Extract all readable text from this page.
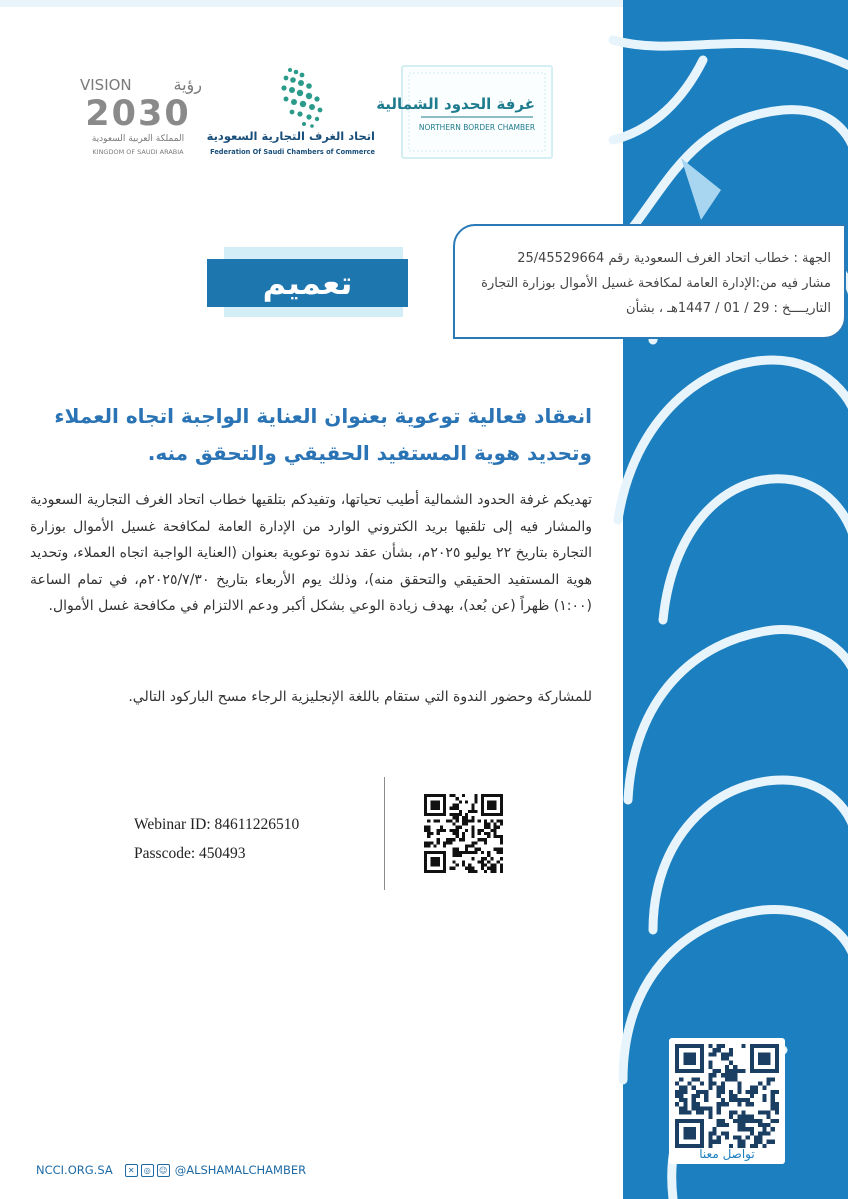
غرفة الحدود الشمالية
NORTHERN BORDER CHAMBER
اتحاد الغرف التجارية السعودية
Federation Of Saudi Chambers of Commerce
VISION	رؤية
2030
المملكة العربية السعودية
KINGDOM OF SAUDI ARABIA
الجهة : خطاب اتحاد الغرف السعودية رقم 25/45529664
مشار فيه من:الإدارة العامة لمكافحة غسيل الأموال بوزارة التجارة
التاريــــخ : 29 / 01 / 1447هـ ، بشأن
تعميم
انعقاد فعالية توعوية بعنوان العناية الواجبة اتجاه العملاء وتحديد هوية المستفيد الحقيقي والتحقق منه.
تهديكم غرفة الحدود الشمالية أطيب تحياتها، وتفيدكم بتلقيها خطاب اتحاد الغرف التجارية السعودية والمشار فيه إلى تلقيها بريد الكتروني الوارد من الإدارة العامة لمكافحة غسيل الأموال بوزارة التجارة بتاريخ ٢٢ يوليو ٢٠٢٥م، بشأن عقد ندوة توعوية بعنوان (العناية الواجبة اتجاه العملاء، وتحديد هوية المستفيد الحقيقي والتحقق منه)، وذلك يوم الأربعاء بتاريخ ٢٠٢٥/٧/٣٠م، في تمام الساعة (١:٠٠) ظهراً (عن بُعد)، بهدف زيادة الوعي بشكل أكبر ودعم الالتزام في مكافحة غسل الأموال.
للمشاركة وحضور الندوة التي ستقام باللغة الإنجليزية الرجاء مسح الباركود التالي.
Webinar ID: 84611226510
Passcode: 450493
تواصل معنا
NCCI.ORG.SA	✕ ◎ ☺ @ALSHAMALCHAMBER
